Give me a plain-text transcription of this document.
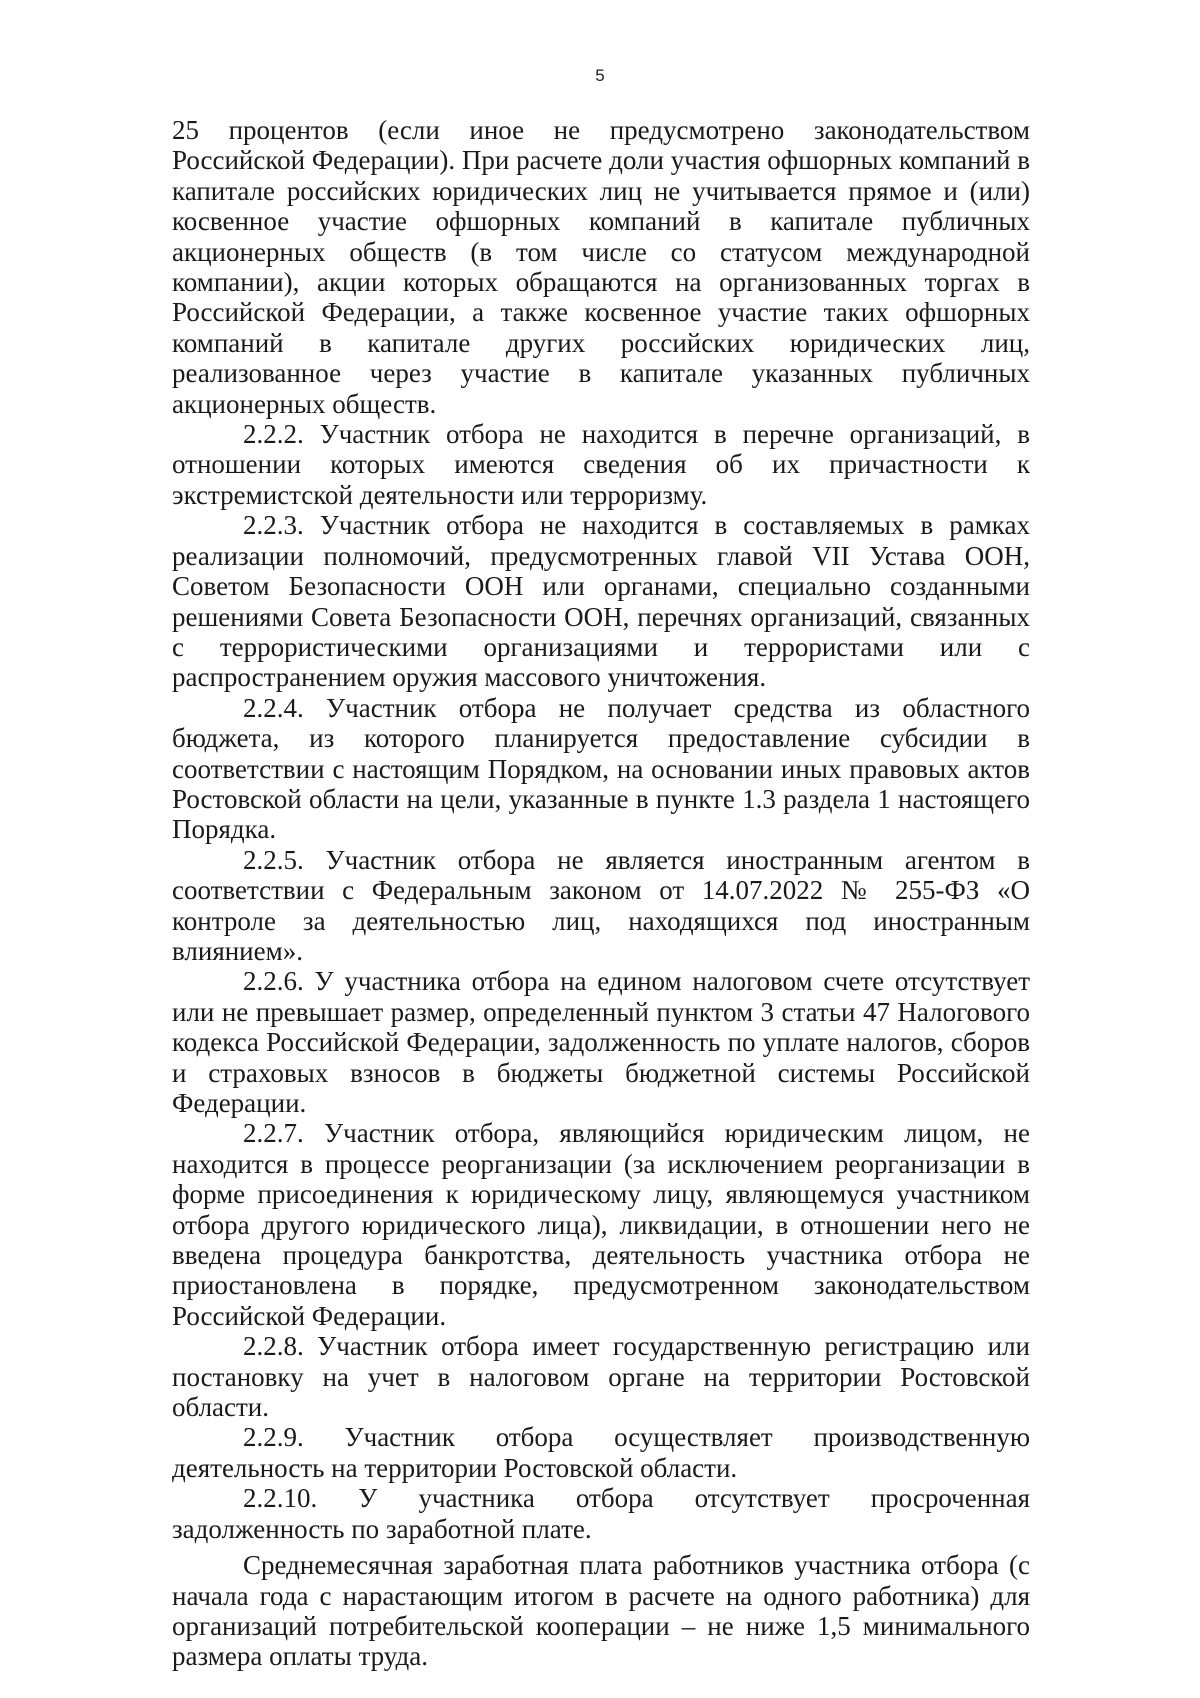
5

25 процентов (если иное не предусмотрено законодательством Российской Федерации). При расчете доли участия офшорных компаний в капитале российских юридических лиц не учитывается прямое и (или) косвенное участие офшорных компаний в капитале публичных акционерных обществ (в том числе со статусом международной компании), акции которых обращаются на организованных торгах в Российской Федерации, а также косвенное участие таких офшорных компаний в капитале других российских юридических лиц, реализованное через участие в капитале указанных публичных акционерных обществ.

2.2.2. Участник отбора не находится в перечне организаций, в отношении которых имеются сведения об их причастности к экстремистской деятельности или терроризму.

2.2.3. Участник отбора не находится в составляемых в рамках реализации полномочий, предусмотренных главой VII Устава ООН, Советом Безопасности ООН или органами, специально созданными решениями Совета Безопасности ООН, перечнях организаций, связанных с террористическими организациями и террористами или с распространением оружия массового уничтожения.

2.2.4. Участник отбора не получает средства из областного бюджета, из которого планируется предоставление субсидии в соответствии с настоящим Порядком, на основании иных правовых актов Ростовской области на цели, указанные в пункте 1.3 раздела 1 настоящего Порядка.

2.2.5. Участник отбора не является иностранным агентом в соответствии с Федеральным законом от 14.07.2022 № 255-ФЗ «О контроле за деятельностью лиц, находящихся под иностранным влиянием».

2.2.6. У участника отбора на едином налоговом счете отсутствует или не превышает размер, определенный пунктом 3 статьи 47 Налогового кодекса Российской Федерации, задолженность по уплате налогов, сборов и страховых взносов в бюджеты бюджетной системы Российской Федерации.

2.2.7. Участник отбора, являющийся юридическим лицом, не находится в процессе реорганизации (за исключением реорганизации в форме присоединения к юридическому лицу, являющемуся участником отбора другого юридического лица), ликвидации, в отношении него не введена процедура банкротства, деятельность участника отбора не приостановлена в порядке, предусмотренном законодательством Российской Федерации.

2.2.8. Участник отбора имеет государственную регистрацию или постановку на учет в налоговом органе на территории Ростовской области.

2.2.9. Участник отбора осуществляет производственную деятельность на территории Ростовской области.

2.2.10. У участника отбора отсутствует просроченная задолженность по заработной плате.

Среднемесячная заработная плата работников участника отбора (с начала года с нарастающим итогом в расчете на одного работника) для организаций потребительской кооперации – не ниже 1,5 минимального размера оплаты труда.
